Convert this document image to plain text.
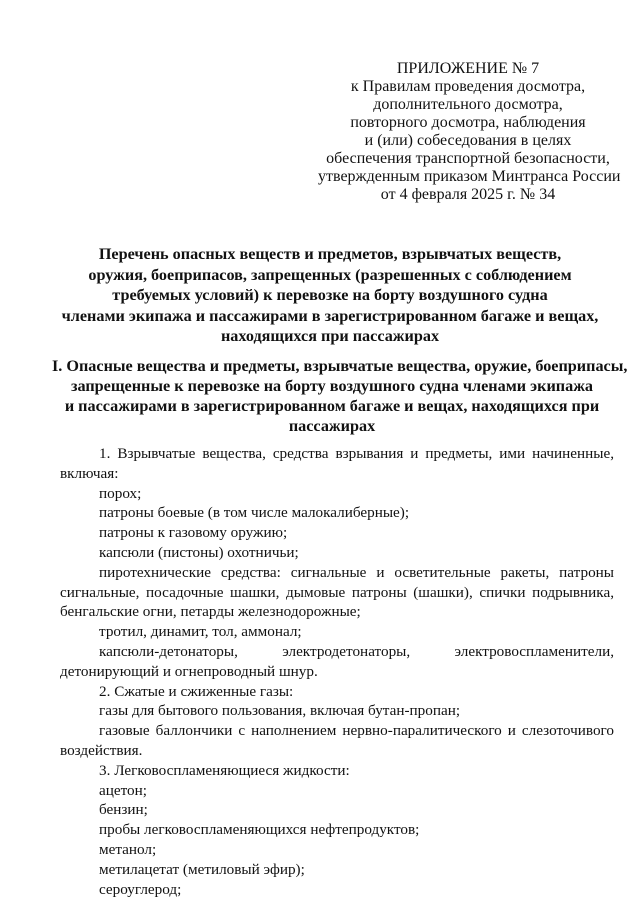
ПРИЛОЖЕНИЕ № 7
к Правилам проведения досмотра,
дополнительного досмотра,
повторного досмотра, наблюдения
и (или) собеседования в целях
обеспечения транспортной безопасности,
утвержденным приказом Минтранса России
от 4 февраля 2025 г. № 34
Перечень опасных веществ и предметов, взрывчатых веществ,
оружия, боеприпасов, запрещенных (разрешенных с соблюдением
требуемых условий) к перевозке на борту воздушного судна
членами экипажа и пассажирами в зарегистрированном багаже и вещах,
находящихся при пассажирах
I. Опасные вещества и предметы, взрывчатые вещества, оружие, боеприпасы,
запрещенные к перевозке на борту воздушного судна членами экипажа
и пассажирами в зарегистрированном багаже и вещах, находящихся при
пассажирах

1. Взрывчатые вещества, средства взрывания и предметы, ими начиненные, включая:

порох;

патроны боевые (в том числе малокалиберные);

патроны к газовому оружию;

капсюли (пистоны) охотничьи;

пиротехнические средства: сигнальные и осветительные ракеты, патроны сигнальные, посадочные шашки, дымовые патроны (шашки), спички подрывника, бенгальские огни, петарды железнодорожные;

тротил, динамит, тол, аммонал;

капсюли-детонаторы, электродетонаторы, электровоспламенители,
детонирующий и огнепроводный шнур.

2. Сжатые и сжиженные газы:

газы для бытового пользования, включая бутан-пропан;

газовые баллончики с наполнением нервно-паралитического и слезоточивого воздействия.

3. Легковоспламеняющиеся жидкости:

ацетон;

бензин;

пробы легковоспламеняющихся нефтепродуктов;

метанол;

метилацетат (метиловый эфир);

сероуглерод;
